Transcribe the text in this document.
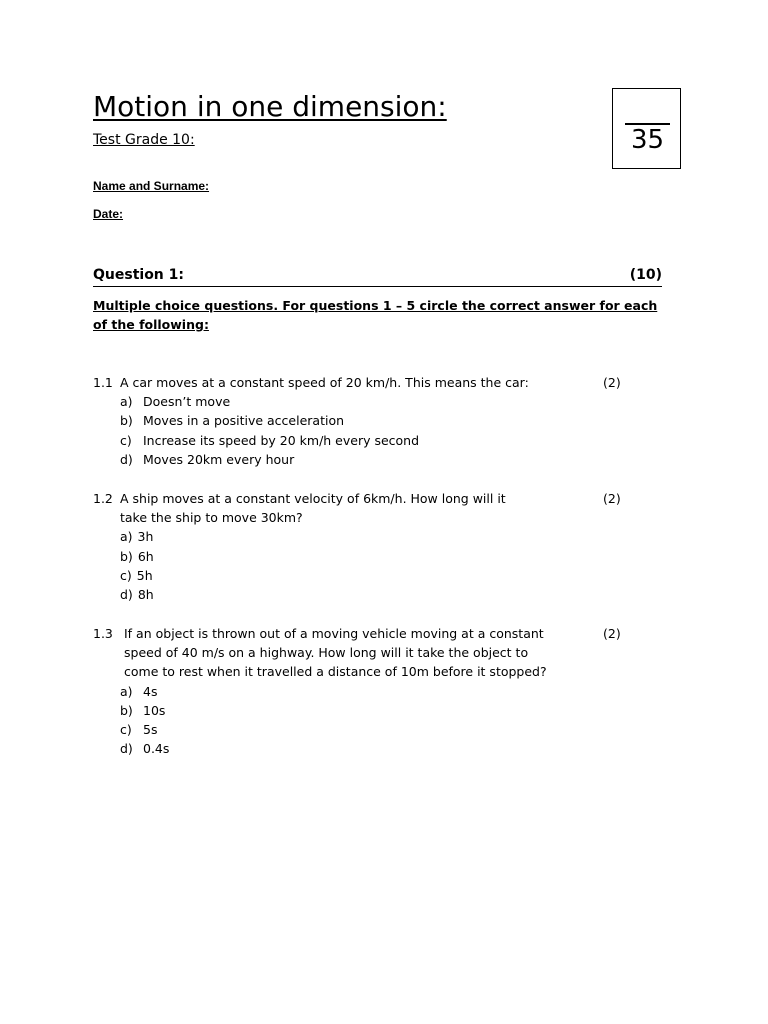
Motion in one dimension:
Test Grade 10:	35
Name and Surname:
Date:
Question 1:	(10)
Multiple choice questions. For questions 1 – 5 circle the correct answer for each of the following:
1.1 A car moves at a constant speed of 20 km/h. This means the car:	(2)
a) Doesn’t move
b) Moves in a positive acceleration
c) Increase its speed by 20 km/h every second
d) Moves 20km every hour
1.2 A ship moves at a constant velocity of 6km/h. How long will it take the ship to move 30km?
(2)
a) 3h
b) 6h
c) 5h
d) 8h
1.3 If an object is thrown out of a moving vehicle moving at a constant speed of 40 m/s on a highway. How long will it take the object to come to rest when it travelled a distance of 10m before it stopped?
(2)
a) 4s
b) 10s
c) 5s
d) 0.4s
